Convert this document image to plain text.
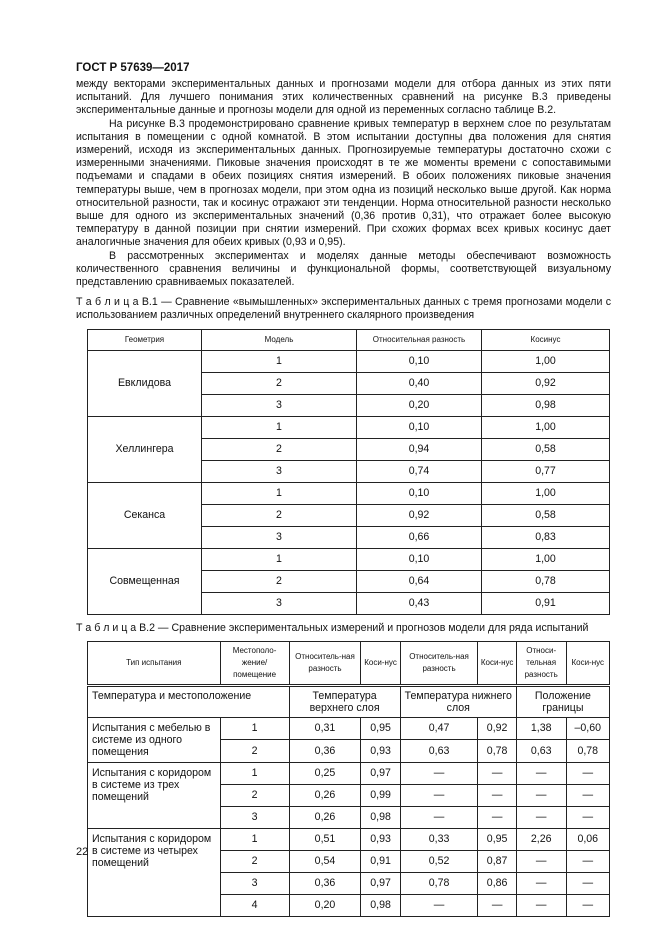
ГОСТ Р 57639—2017

между векторами экспериментальных данных и прогнозами модели для отбора данных из этих пяти испытаний. Для лучшего понимания этих количественных сравнений на рисунке В.3 приведены экспериментальные данные и прогнозы модели для одной из переменных согласно таблице В.2.

На рисунке В.3 продемонстрировано сравнение кривых температур в верхнем слое по результатам испытания в помещении с одной комнатой. В этом испытании доступны два положения для снятия измерений, исходя из экспериментальных данных. Прогнозируемые температуры достаточно схожи с измеренными значениями. Пиковые значения происходят в те же моменты времени с сопоставимыми подъемами и спадами в обеих позициях снятия измерений. В обоих положениях пиковые значения температуры выше, чем в прогнозах модели, при этом одна из позиций несколько выше другой. Как норма относительной разности, так и косинус отражают эти тенденции. Норма относительной разности несколько выше для одного из экспериментальных значений (0,36 против 0,31), что отражает более высокую температуру в данной позиции при снятии измерений. При схожих формах всех кривых косинус дает аналогичные значения для обеих кривых (0,93 и 0,95).

В рассмотренных экспериментах и моделях данные методы обеспечивают возможность количественного сравнения величины и функциональной формы, соответствующей визуальному представлению сравниваемых показателей.

Т а б л и ц а В.1 — Сравнение «вымышленных» экспериментальных данных с тремя прогнозами модели с использованием различных определений внутреннего скалярного произведения

Геометрия	Модель	Относительная разность	Косинус
Евклидова	1	0,10	1,00
	2	0,40	0,92
	3	0,20	0,98
Хеллингера	1	0,10	1,00
	2	0,94	0,58
	3	0,74	0,77
Секанса	1	0,10	1,00
	2	0,92	0,58
	3	0,66	0,83
Совмещенная	1	0,10	1,00
	2	0,64	0,78
	3	0,43	0,91

Т а б л и ц а В.2 — Сравнение экспериментальных измерений и прогнозов модели для ряда испытаний

Тип испытания	Местополо-жение/ помещение	Относитель-ная разность	Коси-нус	Относитель-ная разность	Коси-нус	Относи-тельная разность	Коси-нус
Температура и местоположение		Температура верхнего слоя		Температура нижнего слоя		Положение границы	
Испытания с мебелью в системе из одного помещения	1	0,31	0,95	0,47	0,92	1,38	–0,60
	2	0,36	0,93	0,63	0,78	0,63	0,78
Испытания с коридором в системе из трех помещений	1	0,25	0,97	—	—	—	—
	2	0,26	0,99	—	—	—	—
	3	0,26	0,98	—	—	—	—
Испытания с коридором в системе из четырех помещений	1	0,51	0,93	0,33	0,95	2,26	0,06
	2	0,54	0,91	0,52	0,87	—	—
	3	0,36	0,97	0,78	0,86	—	—
	4	0,20	0,98	—	—	—	—
22
